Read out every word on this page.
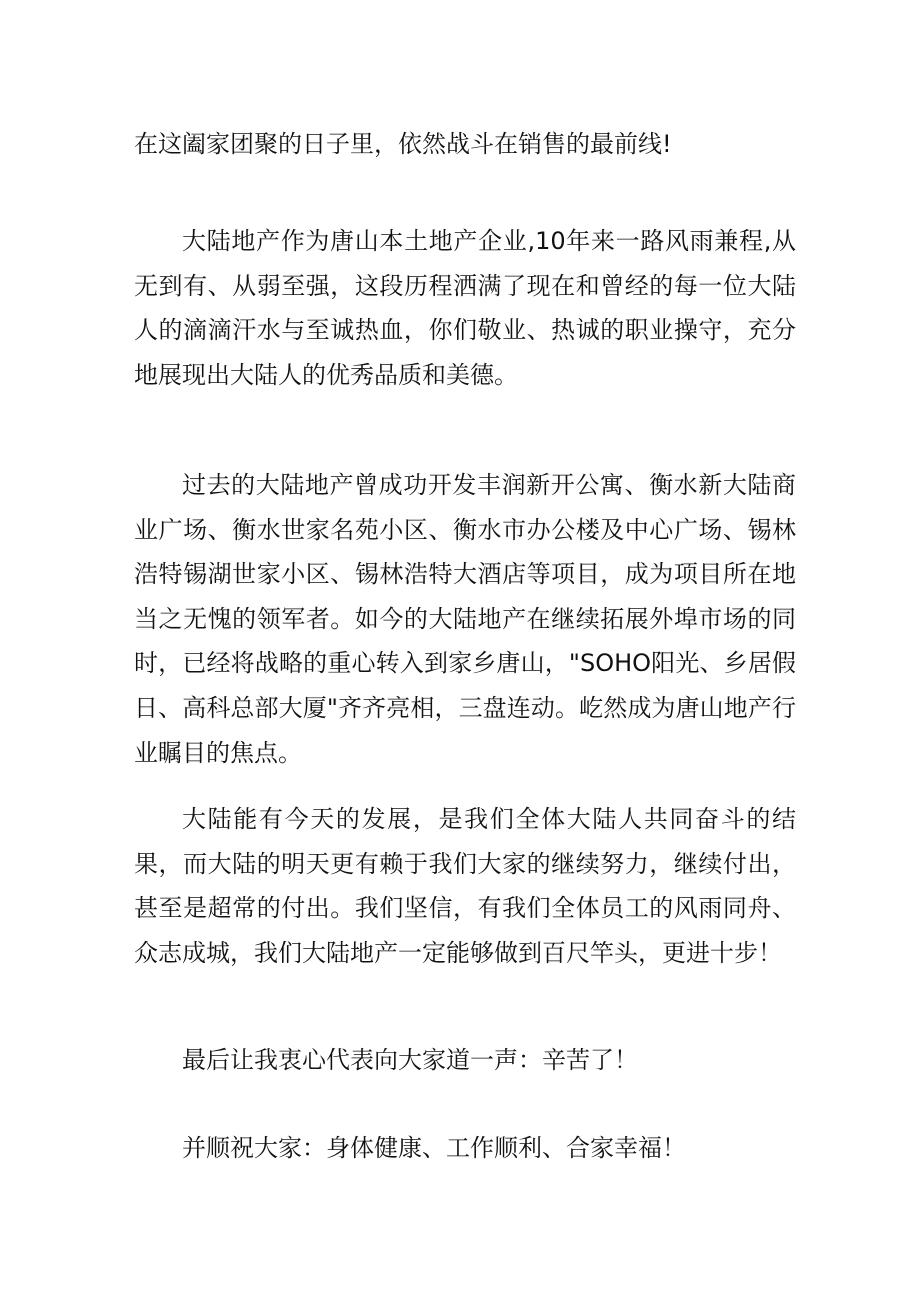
在这阖家团聚的日子里，依然战斗在销售的最前线!

大陆地产作为唐山本土地产企业,10年来一路风雨兼程,从无到有、从弱至强，这段历程洒满了现在和曾经的每一位大陆人的滴滴汗水与至诚热血，你们敬业、热诚的职业操守，充分地展现出大陆人的优秀品质和美德。

过去的大陆地产曾成功开发丰润新开公寓、衡水新大陆商业广场、衡水世家名苑小区、衡水市办公楼及中心广场、锡林浩特锡湖世家小区、锡林浩特大酒店等项目，成为项目所在地当之无愧的领军者。如今的大陆地产在继续拓展外埠市场的同时，已经将战略的重心转入到家乡唐山，"SOHO阳光、乡居假日、高科总部大厦"齐齐亮相，三盘连动。屹然成为唐山地产行业瞩目的焦点。

大陆能有今天的发展，是我们全体大陆人共同奋斗的结果，而大陆的明天更有赖于我们大家的继续努力，继续付出，甚至是超常的付出。我们坚信，有我们全体员工的风雨同舟、众志成城，我们大陆地产一定能够做到百尺竿头，更进十步！

最后让我衷心代表向大家道一声：辛苦了！

并顺祝大家：身体健康、工作顺利、合家幸福！
